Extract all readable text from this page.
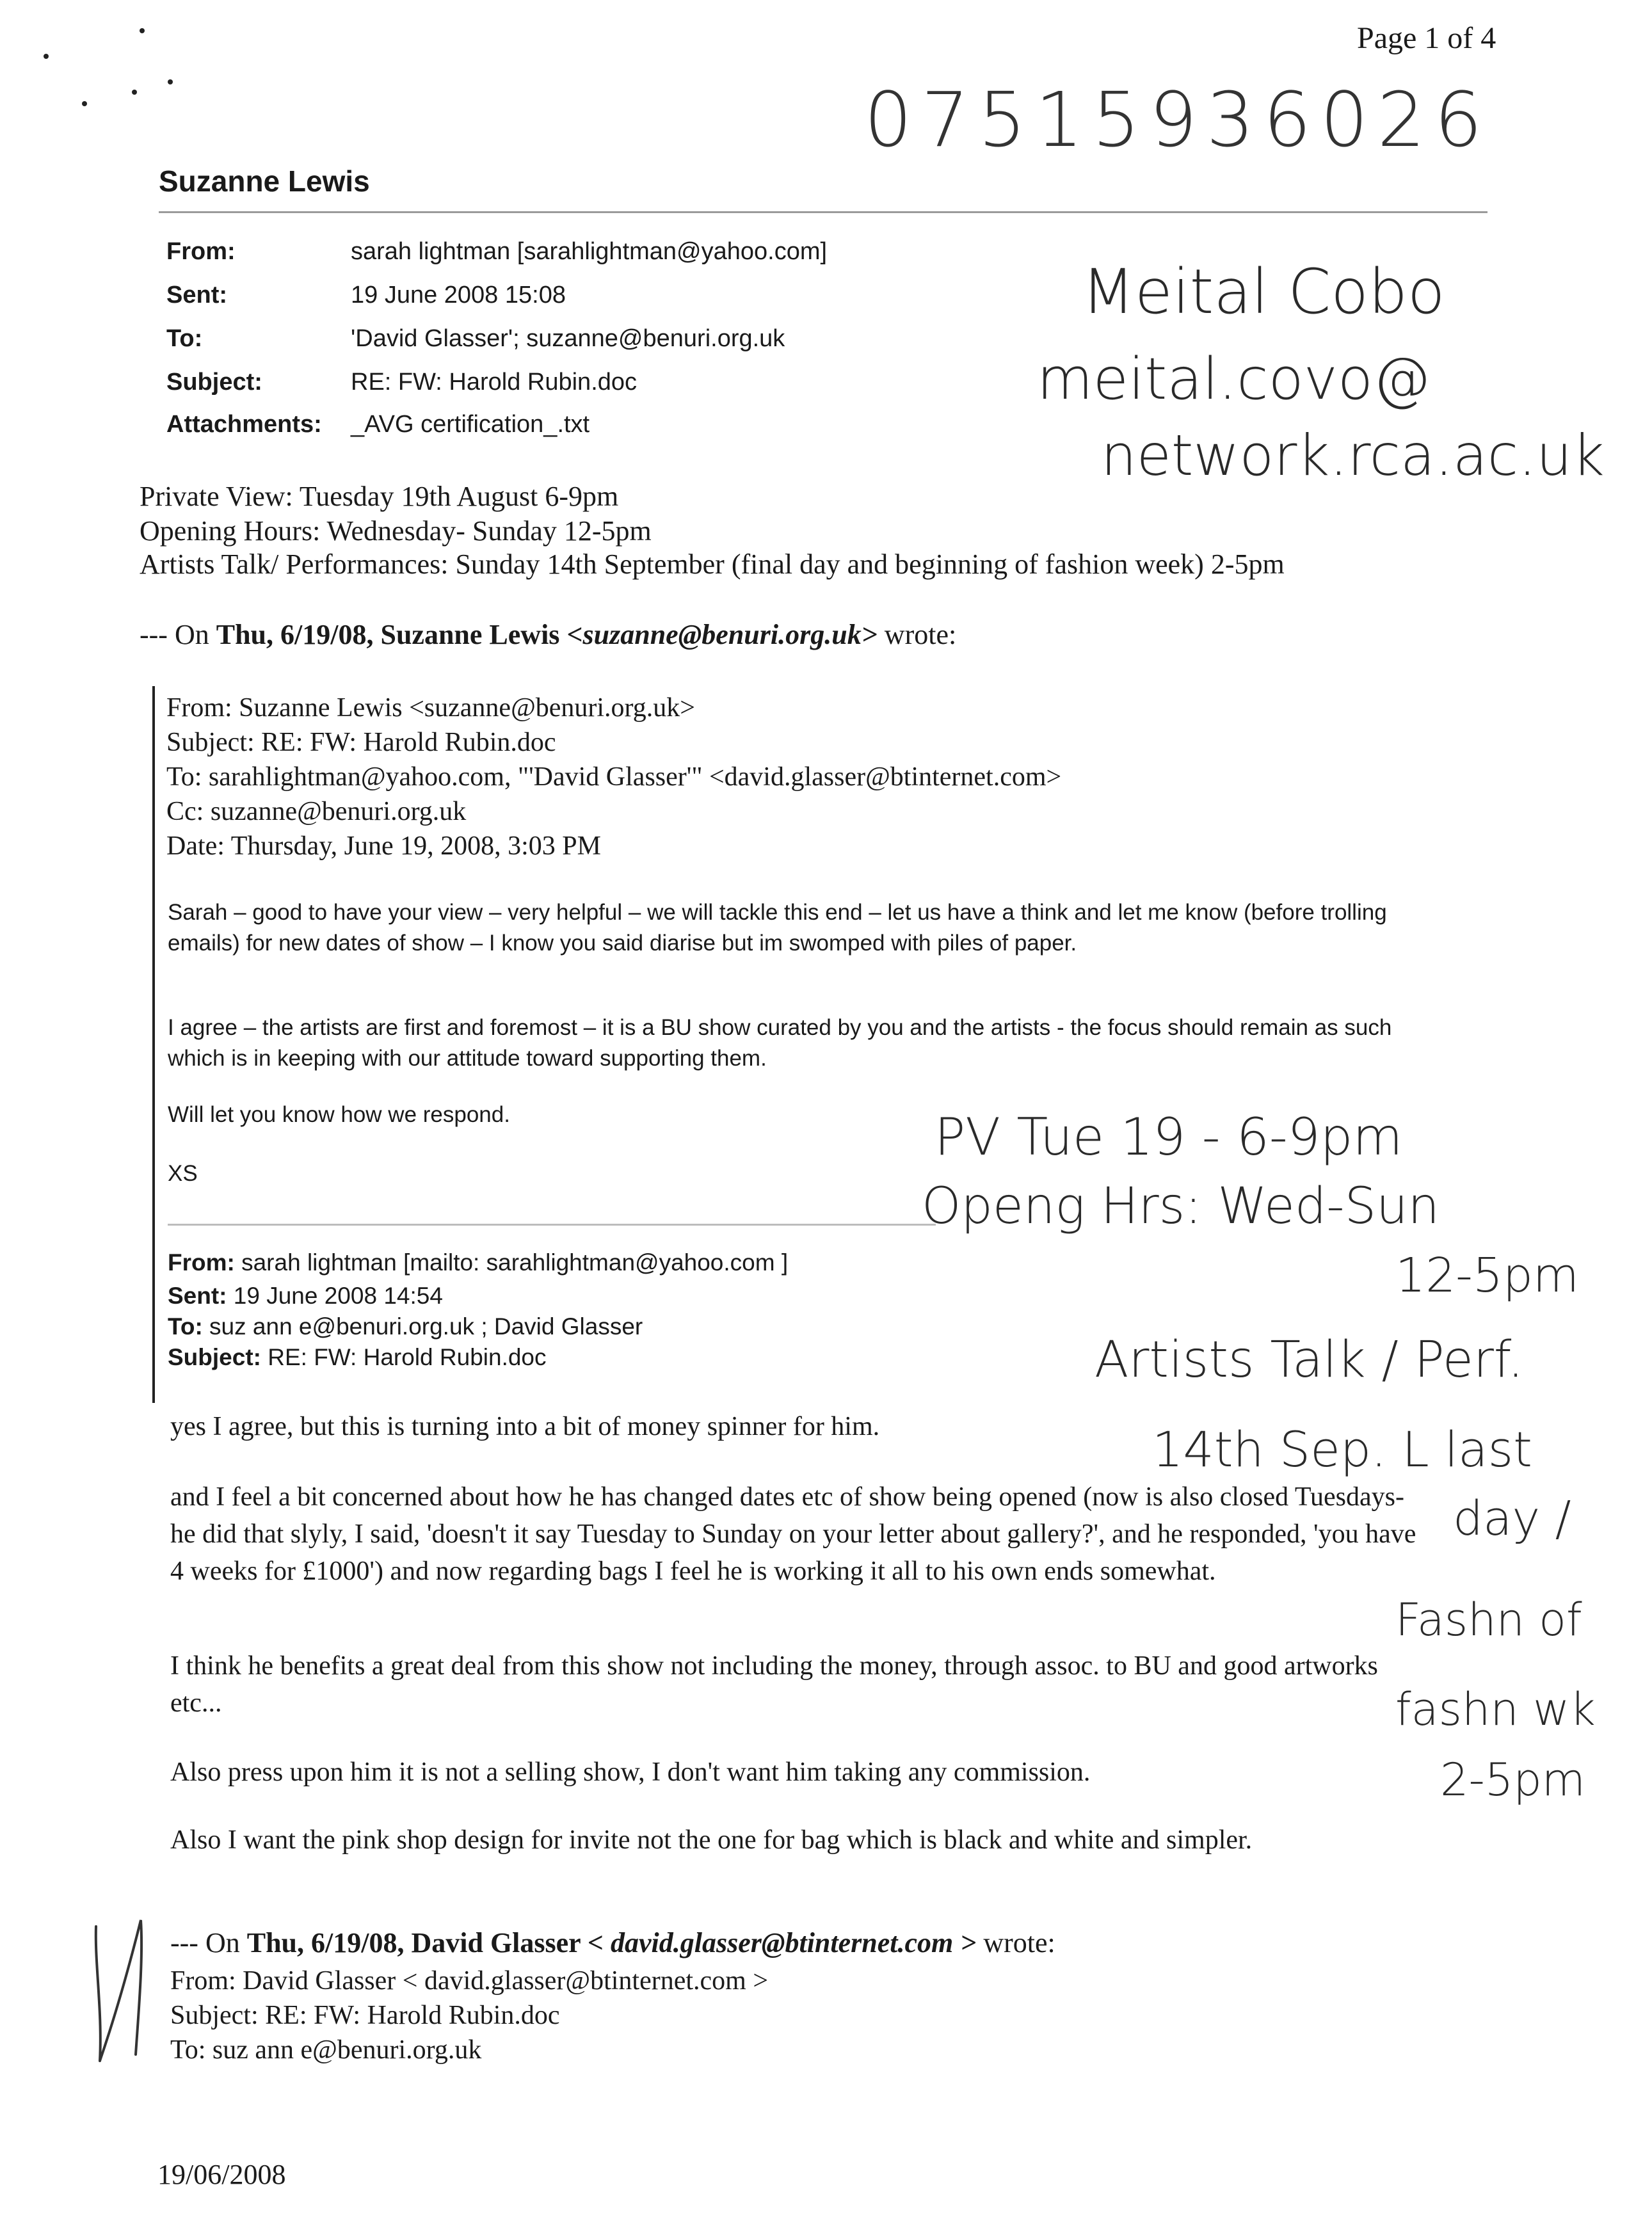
Page 1 of 4
07515936026
Suzanne Lewis
From:	sarah lightman [sarahlightman@yahoo.com]
Sent:	19 June 2008 15:08
To:	'David Glasser'; suzanne@benuri.org.uk
Subject:	RE: FW: Harold Rubin.doc
Attachments: _AVG certification_.txt
Meital Cobo
meital.covo@
network.rca.ac.uk
Private View: Tuesday 19th August 6-9pm
Opening Hours: Wednesday- Sunday 12-5pm
Artists Talk/ Performances: Sunday 14th September (final day and beginning of fashion week) 2-5pm
--- On Thu, 6/19/08, Suzanne Lewis <suzanne@benuri.org.uk> wrote:
From: Suzanne Lewis <suzanne@benuri.org.uk>
Subject: RE: FW: Harold Rubin.doc
To: sarahlightman@yahoo.com, "'David Glasser'" <david.glasser@btinternet.com>
Cc: suzanne@benuri.org.uk
Date: Thursday, June 19, 2008, 3:03 PM
Sarah – good to have your view – very helpful – we will tackle this end – let us have a think and let me know (before trolling emails) for new dates of show – I know you said diarise but im swomped with piles of paper.
I agree – the artists are first and foremost – it is a BU show curated by you and the artists - the focus should remain as such which is in keeping with our attitude toward supporting them.
Will let you know how we respond.
XS
From: sarah lightman [mailto: sarahlightman@yahoo.com ]
Sent: 19 June 2008 14:54
To: suz ann e@benuri.org.uk ; David Glasser
Subject: RE: FW: Harold Rubin.doc
yes I agree, but this is turning into a bit of money spinner for him.
and I feel a bit concerned about how he has changed dates etc of show being opened (now is also closed Tuesdays- he did that slyly, I said, 'doesn't it say Tuesday to Sunday on your letter about gallery?', and he responded, 'you have 4 weeks for £1000') and now regarding bags I feel he is working it all to his own ends somewhat.
I think he benefits a great deal from this show not including the money, through assoc. to BU and good artworks etc...
Also press upon him it is not a selling show, I don't want him taking any commission.
Also I want the pink shop design for invite not the one for bag which is black and white and simpler.
--- On Thu, 6/19/08, David Glasser < david.glasser@btinternet.com > wrote:
From: David Glasser < david.glasser@btinternet.com >
Subject: RE: FW: Harold Rubin.doc
To: suz ann e@benuri.org.uk
PV Tue 19 - 6-9pm
Openg Hrs: Wed-Sun
12-5pm
Artists Talk / Perf.
14th Sep. L last
day /
Fashn of
fashn wk
2-5pm
19/06/2008
